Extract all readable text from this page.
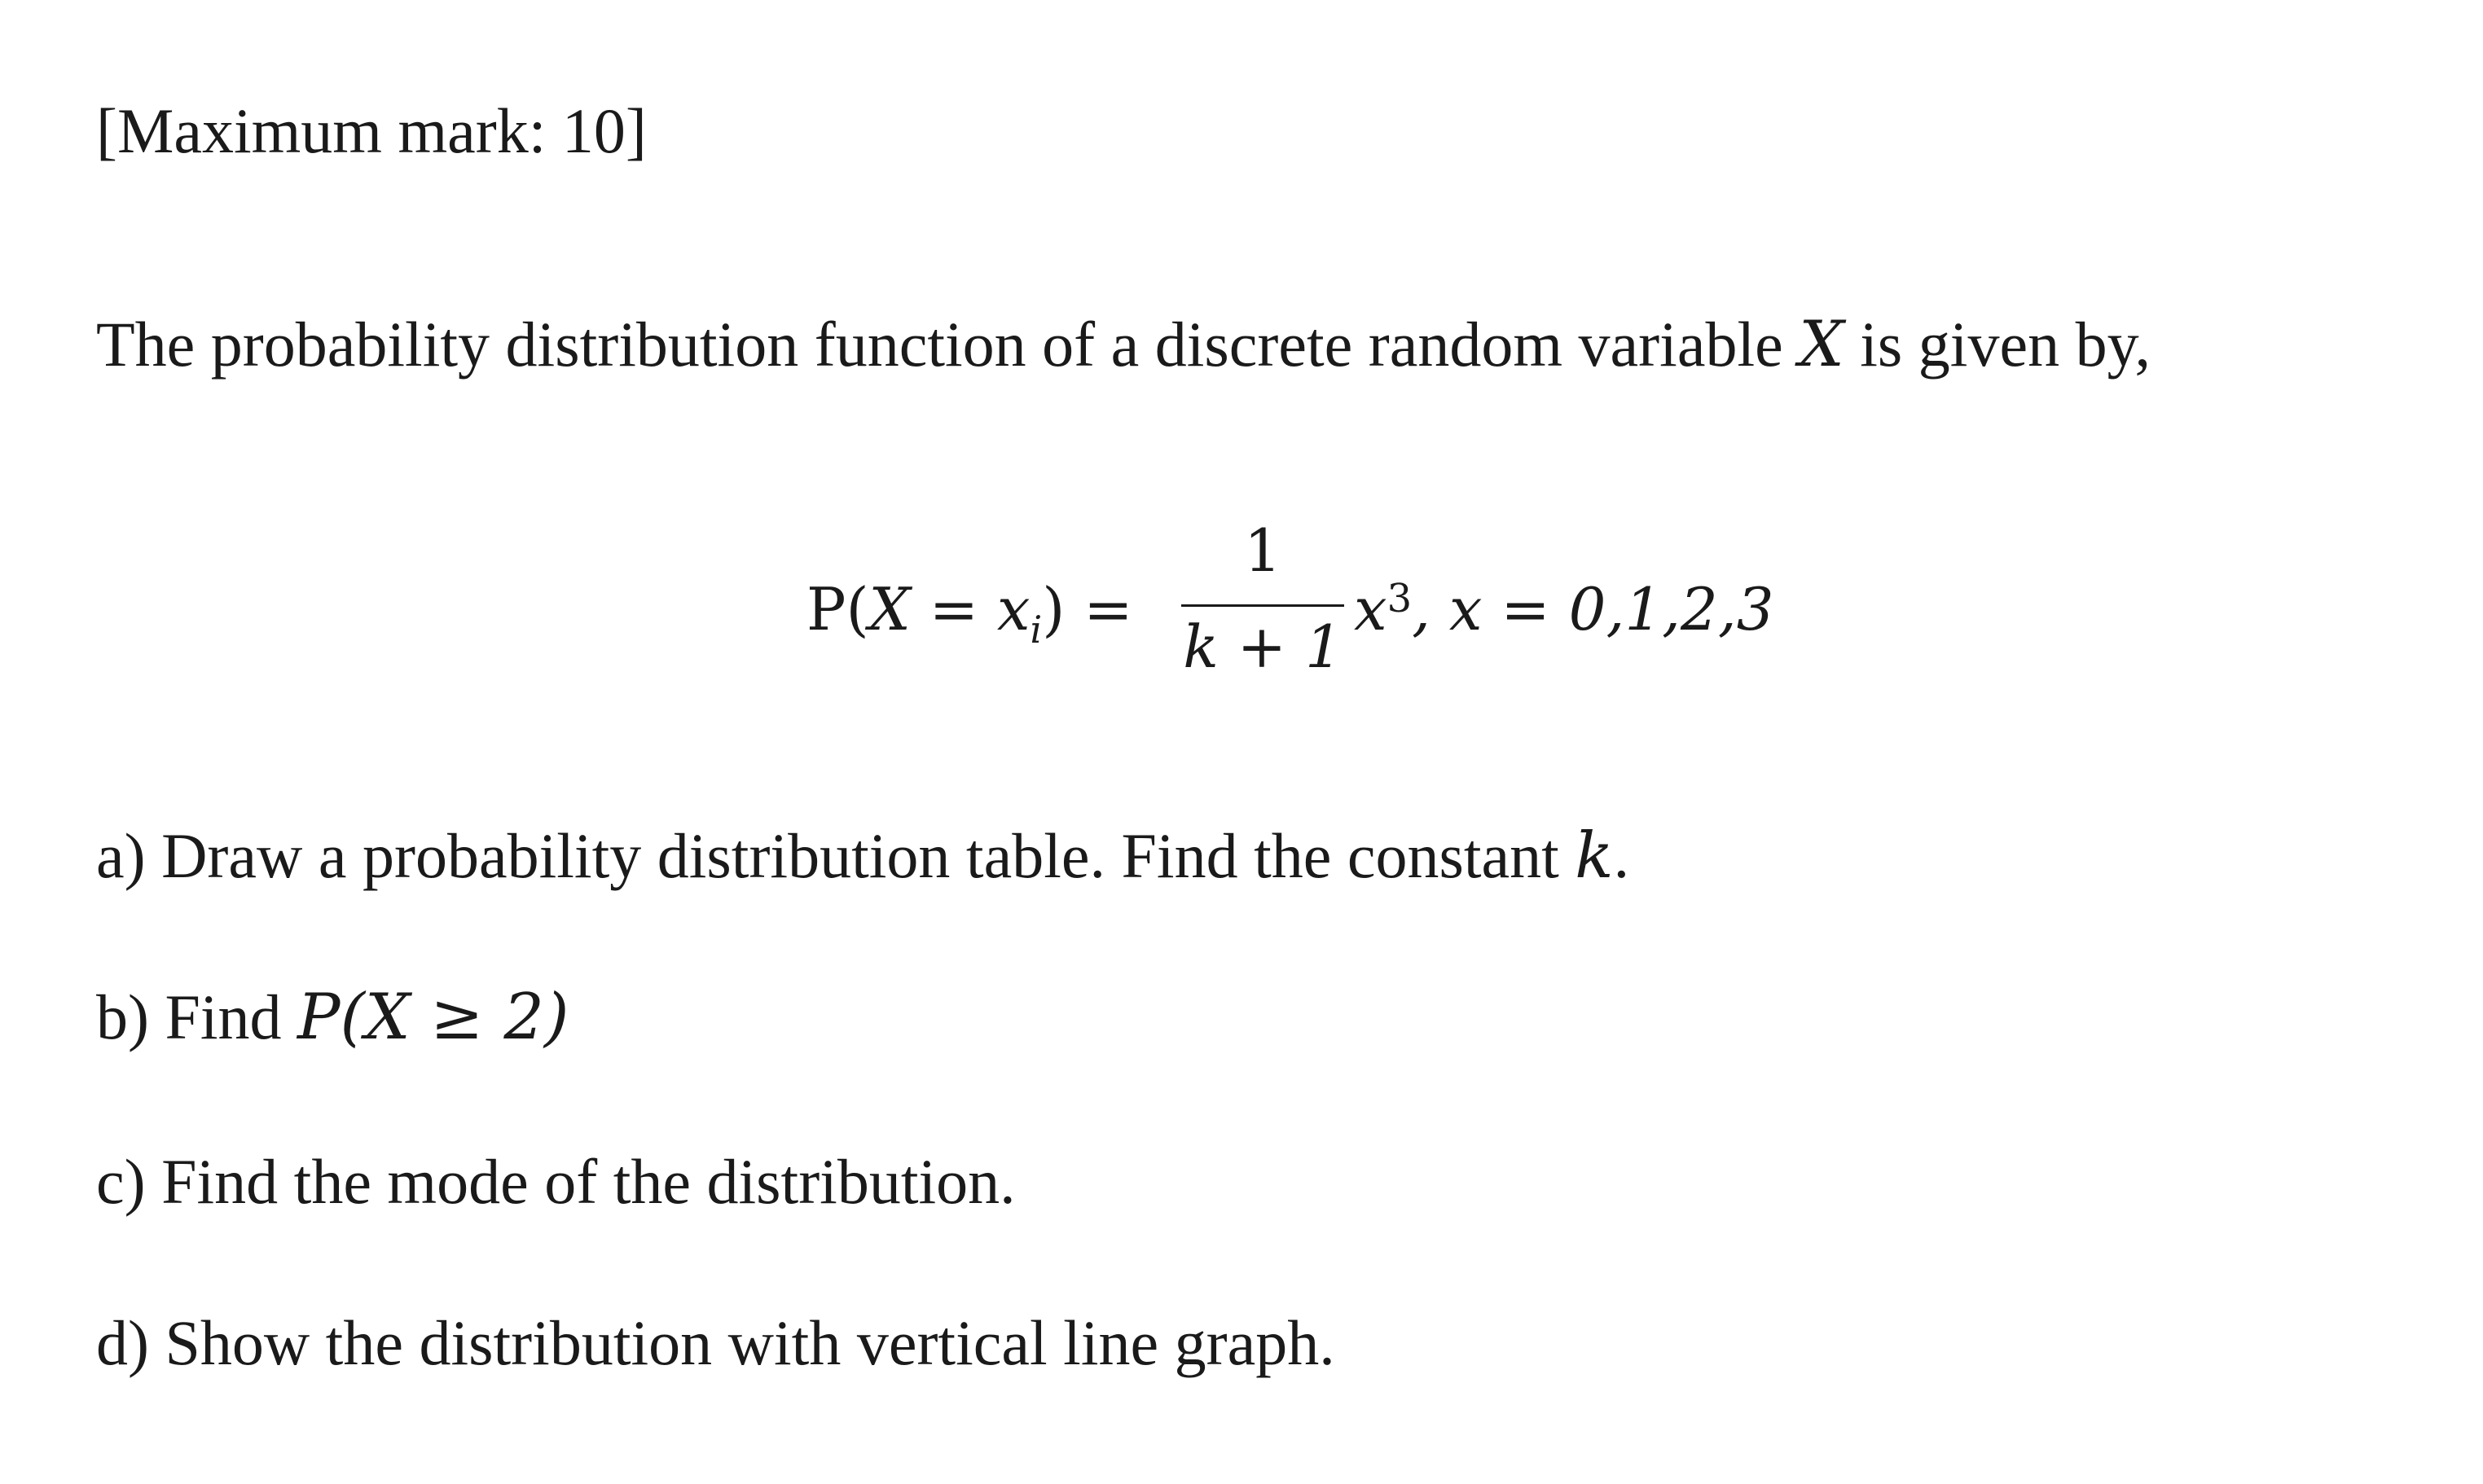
[Maximum mark: 10]
The probability distribution function of a discrete random variable X is given by,
$P(X = x_i)$ =
1
k + 1
$x^3$, x = 0,1,2,3
a) Draw a probability distribution table. Find the constant k.
b) Find P(X ≥ 2)
c) Find the mode of the distribution.
d) Show the distribution with vertical line graph.
